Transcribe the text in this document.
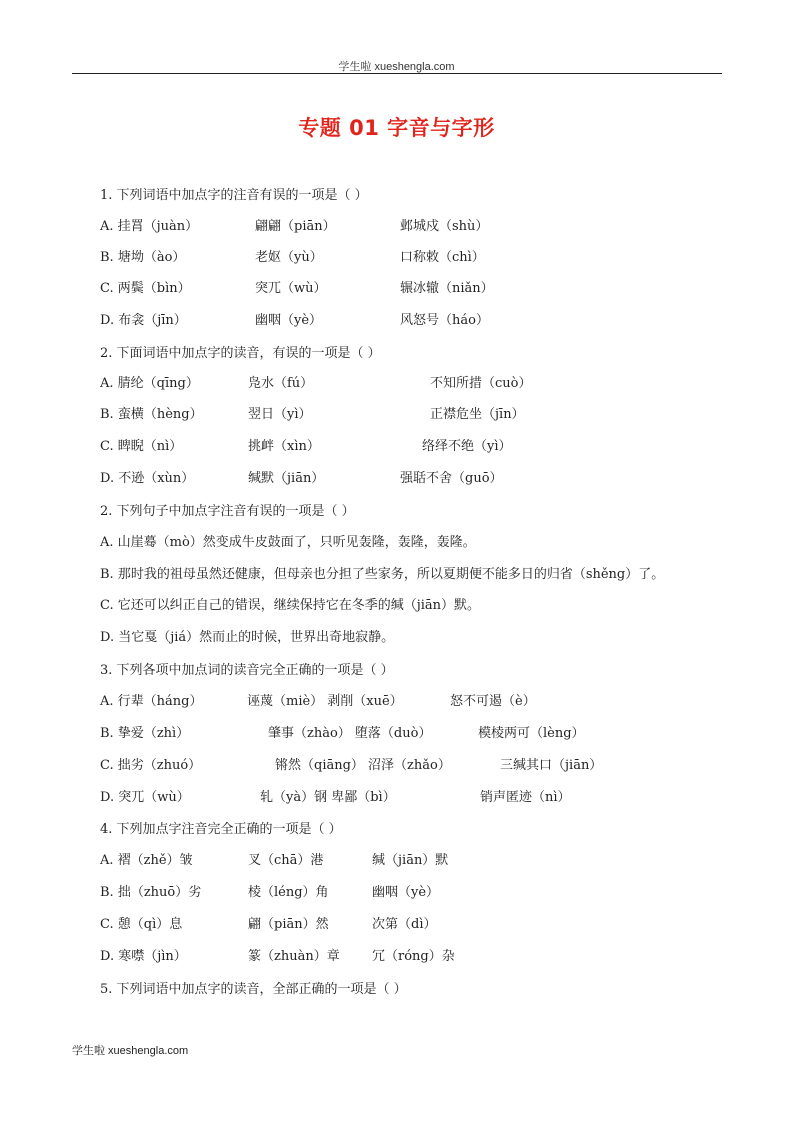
学生啦 xueshengla.com
专题 01 字音与字形
1. 下列词语中加点字的注音有误的一项是（ ）
A. 挂罥（juàn）	翩翩（piān）	邺城戍（shù）
B. 塘坳（ào）	老妪（yù）	口称敕（chì）
C. 两鬓（bìn）	突兀（wù）	辗冰辙（niǎn）
D. 布衾（jīn）	幽咽（yè）	风怒号（háo）
2. 下面词语中加点字的读音，有误的一项是（ ）
A. 腈纶（qīng）	凫水（fú）	不知所措（cuò）
B. 蛮横（hèng）	翌日（yì）	正襟危坐（jīn）
C. 睥睨（nì）	挑衅（xìn）	络绎不绝（yì）
D. 不逊（xùn）	缄默（jiān）	强聒不舍（guō）
2. 下列句子中加点字注音有误的一项是（ ）
A. 山崖蓦（mò）然变成牛皮鼓面了，只听见轰隆，轰隆，轰隆。
B. 那时我的祖母虽然还健康，但母亲也分担了些家务，所以夏期便不能多日的归省（shěng）了。
C. 它还可以纠正自己的错误，继续保持它在冬季的缄（jiān）默。
D. 当它戛（jiá）然而止的时候，世界出奇地寂静。
3. 下列各项中加点词的读音完全正确的一项是（ ）
A. 行辈（háng）	诬蔑（miè） 剥削（xuē）	怒不可遏（è）
B. 挚爱（zhì）	肇事（zhào） 堕落（duò）	模棱两可（lèng）
C. 拙劣（zhuó）	锵然（qiāng） 沼泽（zhǎo）	三缄其口（jiān）
D. 突兀（wù）	轧（yà）钢 卑鄙（bì）	销声匿迹（nì）
4. 下列加点字注音完全正确的一项是（ ）
A. 褶（zhě）皱	叉（chā）港	缄（jiān）默
B. 拙（zhuō）劣	棱（léng）角	幽咽（yè）
C. 憩（qì）息	翩（piān）然	次第（dì）
D. 寒噤（jìn）	篆（zhuàn）章 冗（róng）杂
5. 下列词语中加点字的读音，全部正确的一项是（ ）
学生啦 xueshengla.com
